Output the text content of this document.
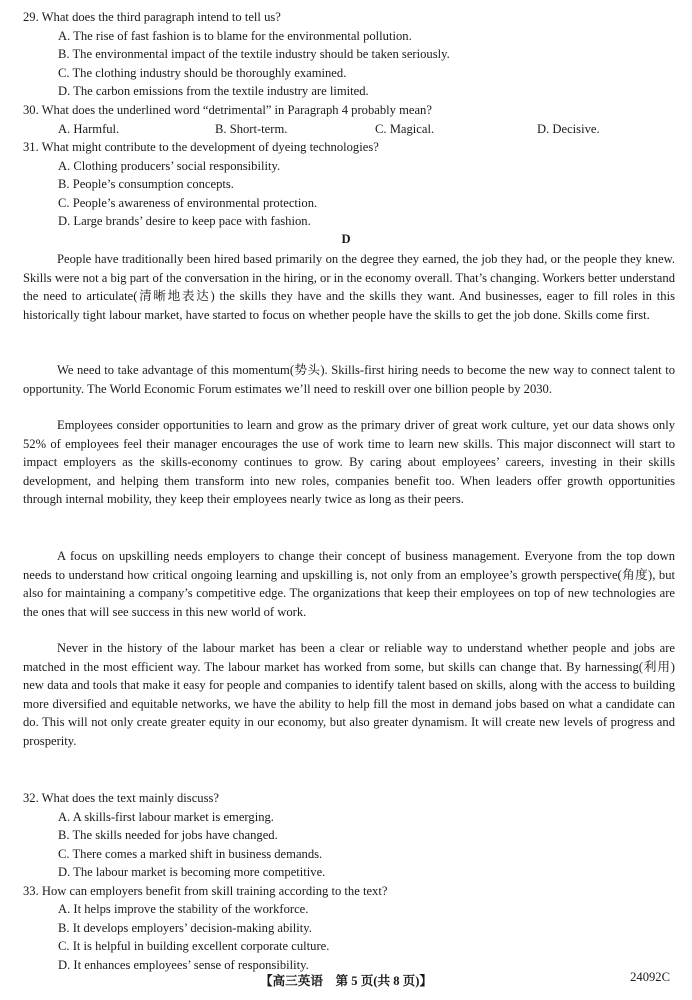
29. What does the third paragraph intend to tell us?
A. The rise of fast fashion is to blame for the environmental pollution.
B. The environmental impact of the textile industry should be taken seriously.
C. The clothing industry should be thoroughly examined.
D. The carbon emissions from the textile industry are limited.
30. What does the underlined word “detrimental” in Paragraph 4 probably mean?
A. Harmful.	B. Short-term.	C. Magical.	D. Decisive.
31. What might contribute to the development of dyeing technologies?
A. Clothing producers’ social responsibility.
B. People’s consumption concepts.
C. People’s awareness of environmental protection.
D. Large brands’ desire to keep pace with fashion.
D

People have traditionally been hired based primarily on the degree they earned, the job they had, or the people they knew. Skills were not a big part of the conversation in the hiring, or in the economy overall. That’s changing. Workers better understand the need to articulate(清晰地表达) the skills they have and the skills they want. And businesses, eager to fill roles in this historically tight labour market, have started to focus on whether people have the skills to get the job done. Skills come first.

We need to take advantage of this momentum(势头). Skills-first hiring needs to become the new way to connect talent to opportunity. The World Economic Forum estimates we’ll need to reskill over one billion people by 2030.

Employees consider opportunities to learn and grow as the primary driver of great work culture, yet our data shows only 52% of employees feel their manager encourages the use of work time to learn new skills. This major disconnect will start to impact employers as the skills-economy continues to grow. By caring about employees’ careers, investing in their skills development, and helping them transform into new roles, companies benefit too. When leaders offer growth opportunities through internal mobility, they keep their employees nearly twice as long as their peers.

A focus on upskilling needs employers to change their concept of business management. Everyone from the top down needs to understand how critical ongoing learning and upskilling is, not only from an employee’s growth perspective(角度), but also for maintaining a company’s competitive edge. The organizations that keep their employees on top of new technologies are the ones that will see success in this new world of work.

Never in the history of the labour market has been a clear or reliable way to understand whether people and jobs are matched in the most efficient way. The labour market has worked from some, but skills can change that. By harnessing(利用) new data and tools that make it easy for people and companies to identify talent based on skills, along with the access to building more diversified and equitable networks, we have the ability to help fill the most in demand jobs based on what a candidate can do. This will not only create greater equity in our economy, but also greater dynamism. It will create new levels of progress and prosperity.

32. What does the text mainly discuss?
A. A skills-first labour market is emerging.
B. The skills needed for jobs have changed.
C. There comes a marked shift in business demands.
D. The labour market is becoming more competitive.
33. How can employers benefit from skill training according to the text?
A. It helps improve the stability of the workforce.
B. It develops employers’ decision-making ability.
C. It is helpful in building excellent corporate culture.
D. It enhances employees’ sense of responsibility.
【高三英语　第 5 页(共 8 页)】	24092C
